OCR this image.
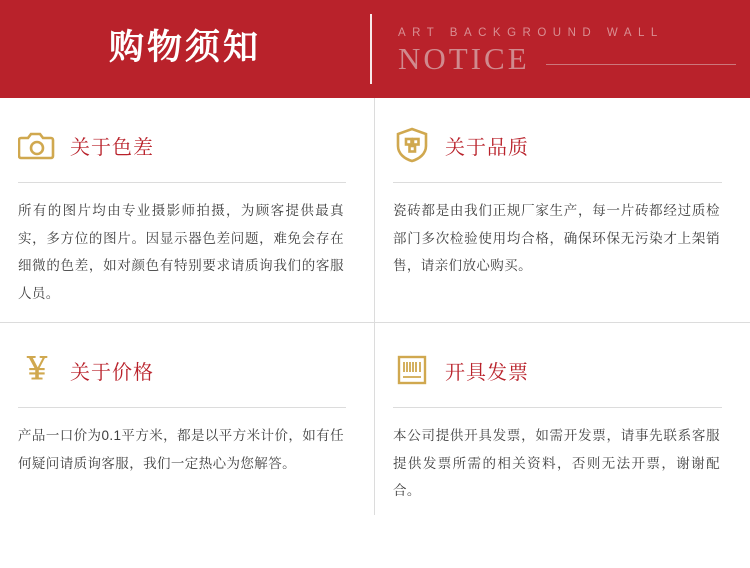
购物须知	ART BACKGROUND WALL
NOTICE
关于色差
所有的图片均由专业摄影师拍摄，为顾客提供最真实，多方位的图片。因显示器色差问题，难免会存在细微的色差，如对颜色有特别要求请质询我们的客服人员。
关于品质
瓷砖都是由我们正规厂家生产，每一片砖都经过质检部门多次检验使用均合格，确保环保无污染才上架销售，请亲们放心购买。
￥ 关于价格
产品一口价为0.1平方米，都是以平方米计价，如有任何疑问请质询客服，我们一定热心为您解答。
开具发票
本公司提供开具发票，如需开发票，请事先联系客服提供发票所需的相关资料，否则无法开票，谢谢配合。
